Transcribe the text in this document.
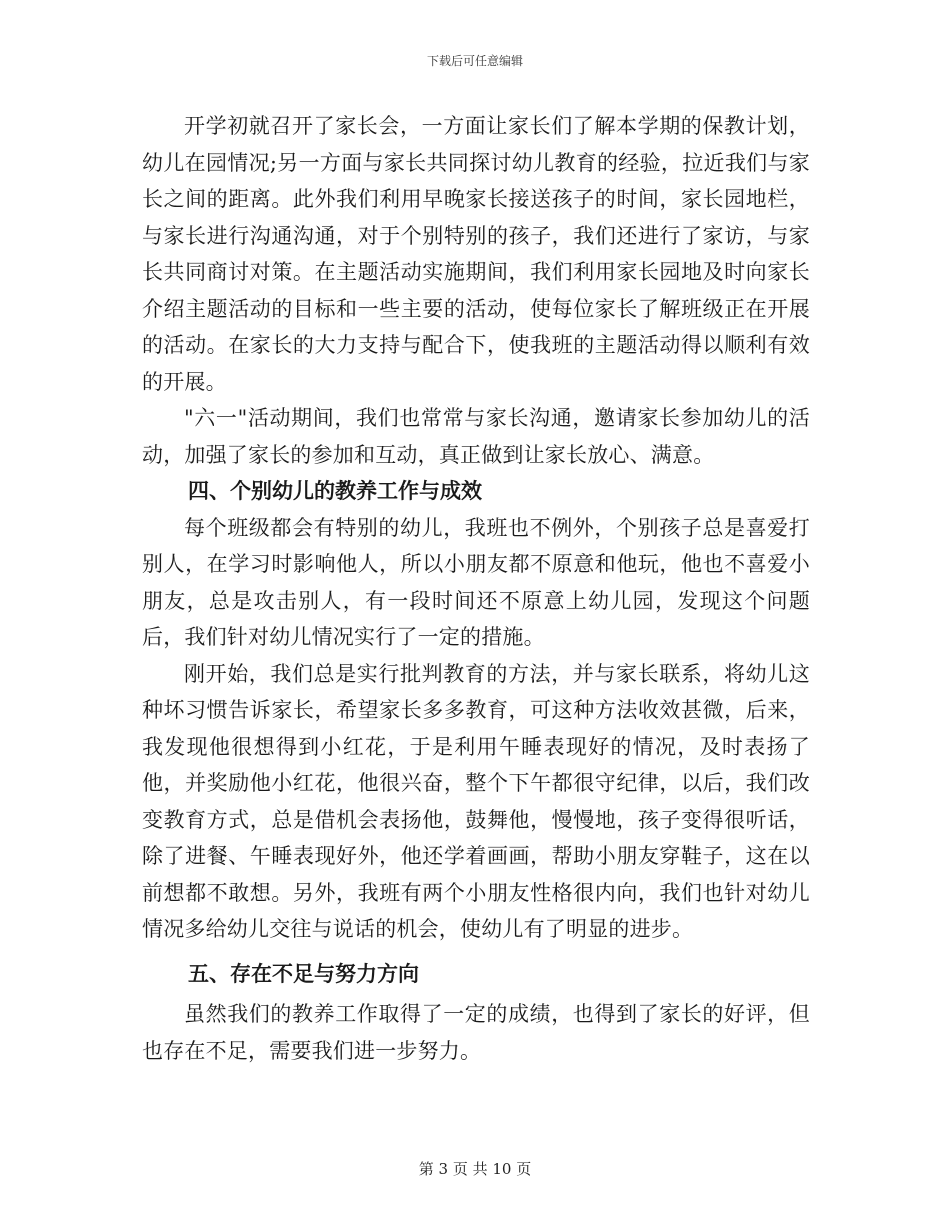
下载后可任意编辑

开学初就召开了家长会，一方面让家长们了解本学期的保教计划，幼儿在园情况;另一方面与家长共同探讨幼儿教育的经验，拉近我们与家长之间的距离。此外我们利用早晚家长接送孩子的时间，家长园地栏，与家长进行沟通沟通，对于个别特别的孩子，我们还进行了家访，与家长共同商讨对策。在主题活动实施期间，我们利用家长园地及时向家长介绍主题活动的目标和一些主要的活动，使每位家长了解班级正在开展的活动。在家长的大力支持与配合下，使我班的主题活动得以顺利有效的开展。

"六一"活动期间，我们也常常与家长沟通，邀请家长参加幼儿的活动，加强了家长的参加和互动，真正做到让家长放心、满意。

四、个别幼儿的教养工作与成效

每个班级都会有特别的幼儿，我班也不例外，个别孩子总是喜爱打别人，在学习时影响他人，所以小朋友都不原意和他玩，他也不喜爱小朋友，总是攻击别人，有一段时间还不原意上幼儿园，发现这个问题后，我们针对幼儿情况实行了一定的措施。

刚开始，我们总是实行批判教育的方法，并与家长联系，将幼儿这种坏习惯告诉家长，希望家长多多教育，可这种方法收效甚微，后来，我发现他很想得到小红花，于是利用午睡表现好的情况，及时表扬了他，并奖励他小红花，他很兴奋，整个下午都很守纪律，以后，我们改变教育方式，总是借机会表扬他，鼓舞他，慢慢地，孩子变得很听话，除了进餐、午睡表现好外，他还学着画画，帮助小朋友穿鞋子，这在以前想都不敢想。另外，我班有两个小朋友性格很内向，我们也针对幼儿情况多给幼儿交往与说话的机会，使幼儿有了明显的进步。

五、存在不足与努力方向

虽然我们的教养工作取得了一定的成绩，也得到了家长的好评，但也存在不足，需要我们进一步努力。

第 3 页 共 10 页
